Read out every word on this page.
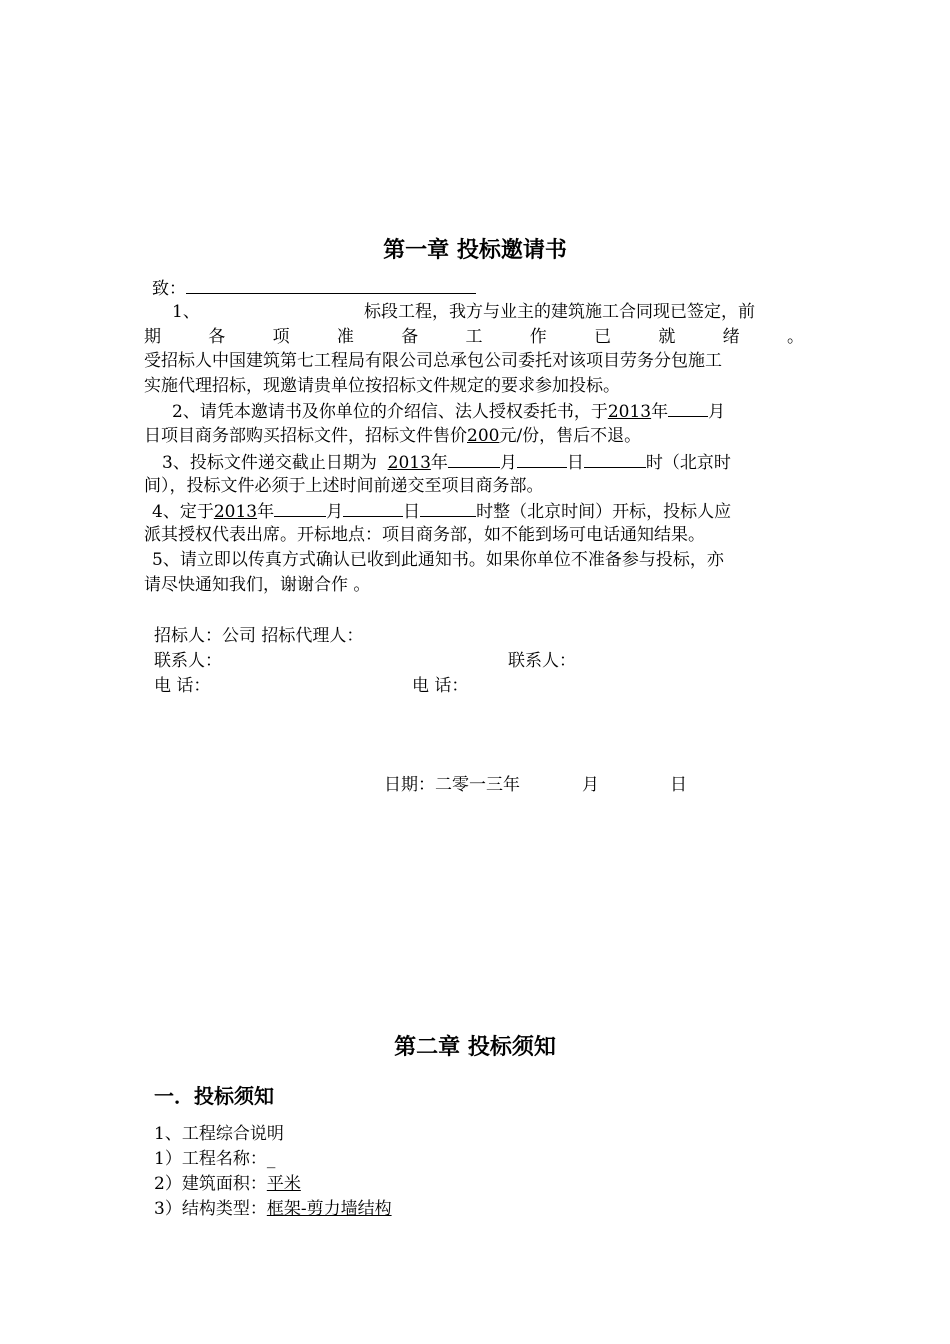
第一章 投标邀请书
致：
1、	标段工程，我方与业主的建筑施工合同现已签定，前
期	各	项	准	备	工	作	已	就	绪	。
受招标人中国建筑第七工程局有限公司总承包公司委托对该项目劳务分包施工
实施代理招标，现邀请贵单位按招标文件规定的要求参加投标。
2、请凭本邀请书及你单位的介绍信、法人授权委托书，于2013年 月
日项目商务部购买招标文件，招标文件售价200元/份，售后不退。
3、投标文件递交截止日期为 2013年	月	日	时（北京时
间），投标文件必须于上述时间前递交至项目商务部。
4、定于2013年	月	日	时整（北京时间）开标，投标人应
派其授权代表出席。开标地点：项目商务部，如不能到场可电话通知结果。
5、请立即以传真方式确认已收到此通知书。如果你单位不准备参与投标，亦
请尽快通知我们，谢谢合作 。
招标人：公司 招标代理人：
联系人：	联系人：
电 话：	电 话：
日期：二零一三年	月	日
第二章 投标须知
一．投标须知
1、工程综合说明
1）工程名称：_
2）建筑面积：平米
3）结构类型：框架-剪力墙结构
